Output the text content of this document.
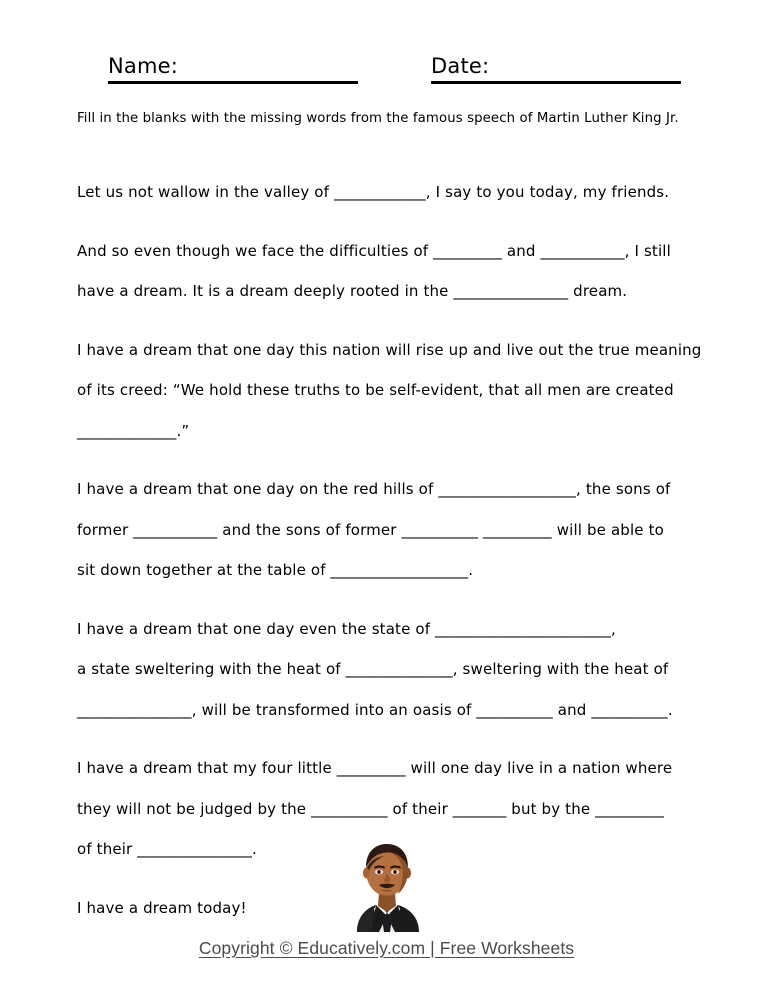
Name:	Date:
Fill in the blanks with the missing words from the famous speech of Martin Luther King Jr.

Let us not wallow in the valley of ____________, I say to you today, my friends.

And so even though we face the difficulties of _________ and ___________, I still
have a dream. It is a dream deeply rooted in the _______________ dream.

I have a dream that one day this nation will rise up and live out the true meaning
of its creed: “We hold these truths to be self-evident, that all men are created
_____________.”

I have a dream that one day on the red hills of __________________, the sons of
former ___________ and the sons of former __________ _________ will be able to
sit down together at the table of __________________.

I have a dream that one day even the state of _______________________,
a state sweltering with the heat of ______________, sweltering with the heat of
_______________, will be transformed into an oasis of __________ and __________.

I have a dream that my four little _________ will one day live in a nation where
they will not be judged by the __________ of their _______ but by the _________
of their _______________.

I have a dream today!

Copyright © Educatively.com | Free Worksheets
